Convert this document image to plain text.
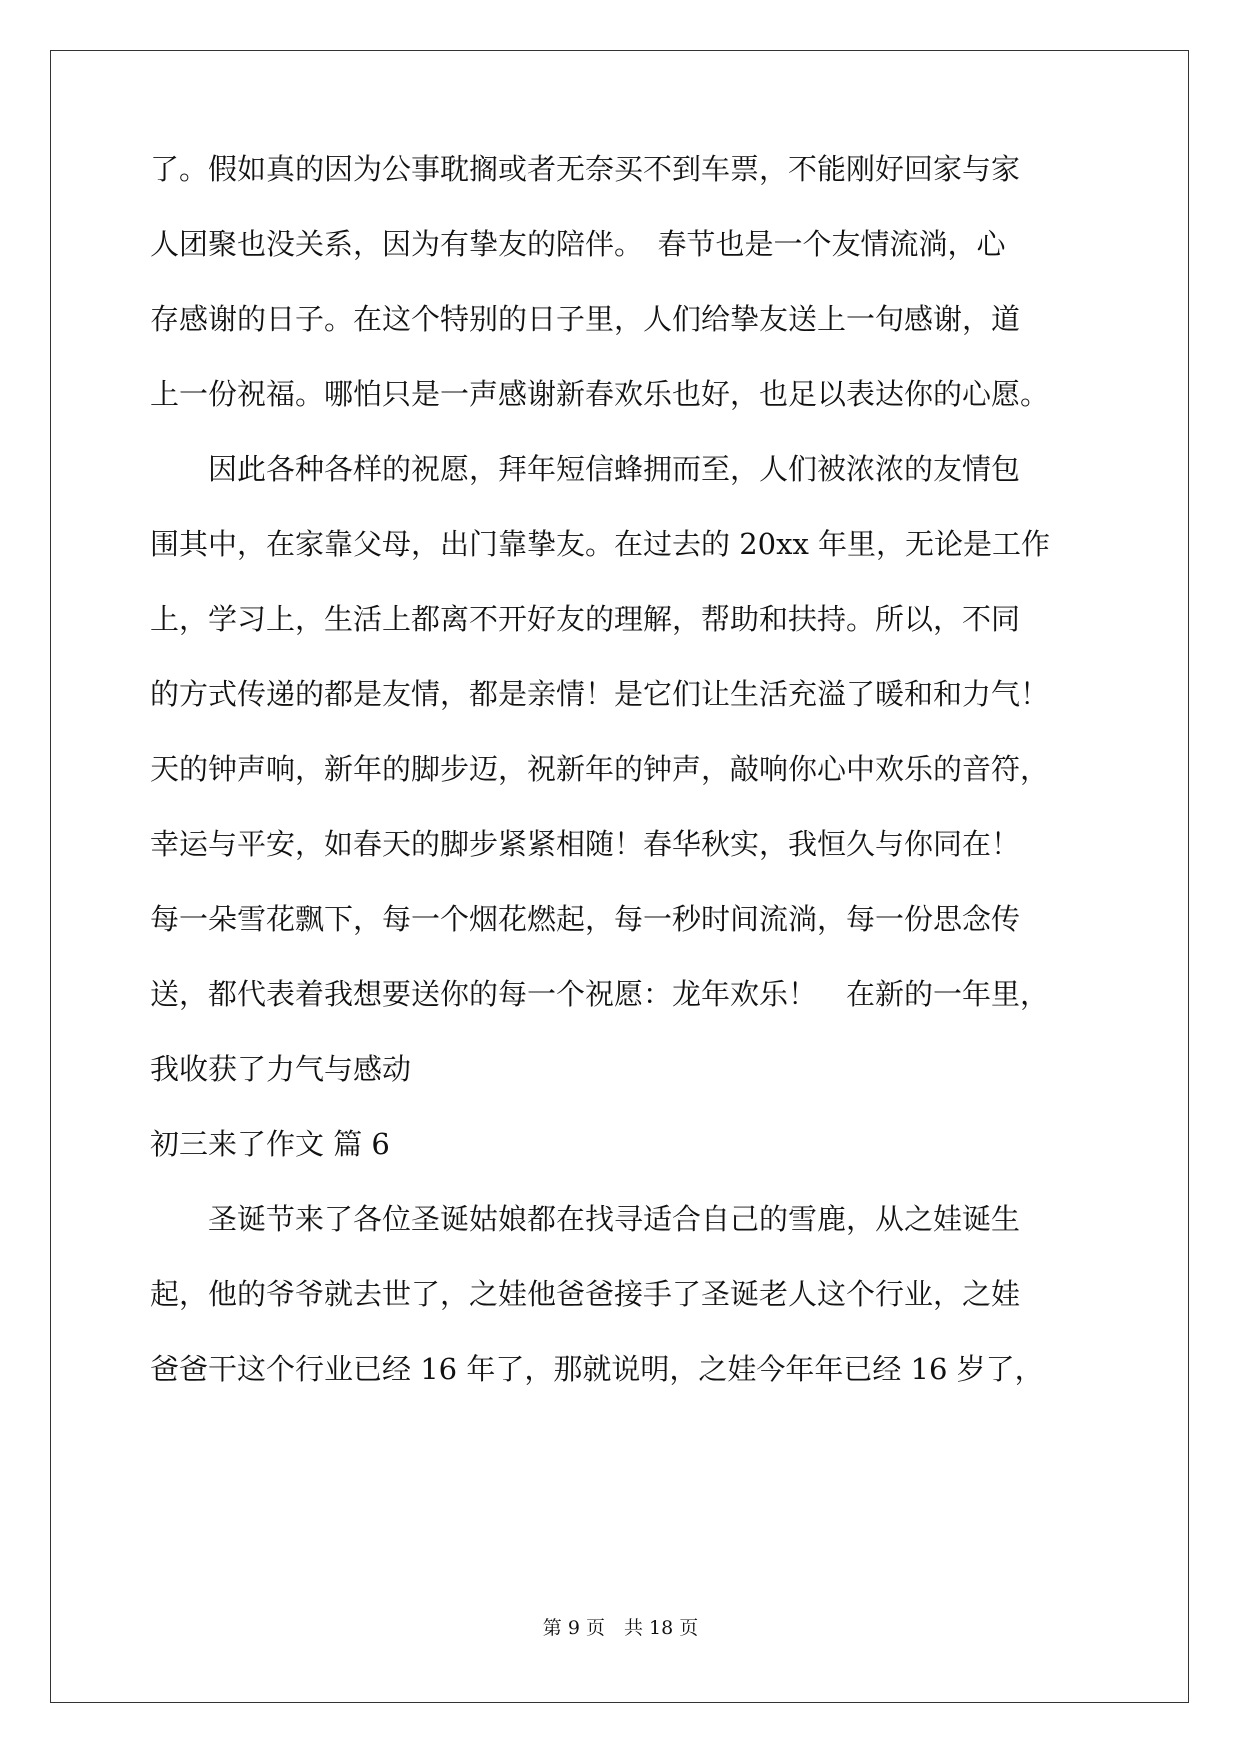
了。假如真的因为公事耽搁或者无奈买不到车票，不能刚好回家与家
人团聚也没关系，因为有挚友的陪伴。　春节也是一个友情流淌，心
存感谢的日子。在这个特别的日子里，人们给挚友送上一句感谢，道
上一份祝福。哪怕只是一声感谢新春欢乐也好，也足以表达你的心愿。
　　因此各种各样的祝愿，拜年短信蜂拥而至，人们被浓浓的友情包
围其中，在家靠父母，出门靠挚友。在过去的 20xx 年里，无论是工作
上，学习上，生活上都离不开好友的理解，帮助和扶持。所以，不同
的方式传递的都是友情，都是亲情！是它们让生活充溢了暖和和力气！
天的钟声响，新年的脚步迈，祝新年的钟声，敲响你心中欢乐的音符，
幸运与平安，如春天的脚步紧紧相随！春华秋实，我恒久与你同在！
每一朵雪花飘下，每一个烟花燃起，每一秒时间流淌，每一份思念传
送，都代表着我想要送你的每一个祝愿：龙年欢乐！　在新的一年里，
我收获了力气与感动
初三来了作文 篇 6
　　圣诞节来了各位圣诞姑娘都在找寻适合自己的雪鹿，从之娃诞生
起，他的爷爷就去世了，之娃他爸爸接手了圣诞老人这个行业，之娃
爸爸干这个行业已经 16 年了，那就说明，之娃今年年已经 16 岁了，
第 9 页　共 18 页
